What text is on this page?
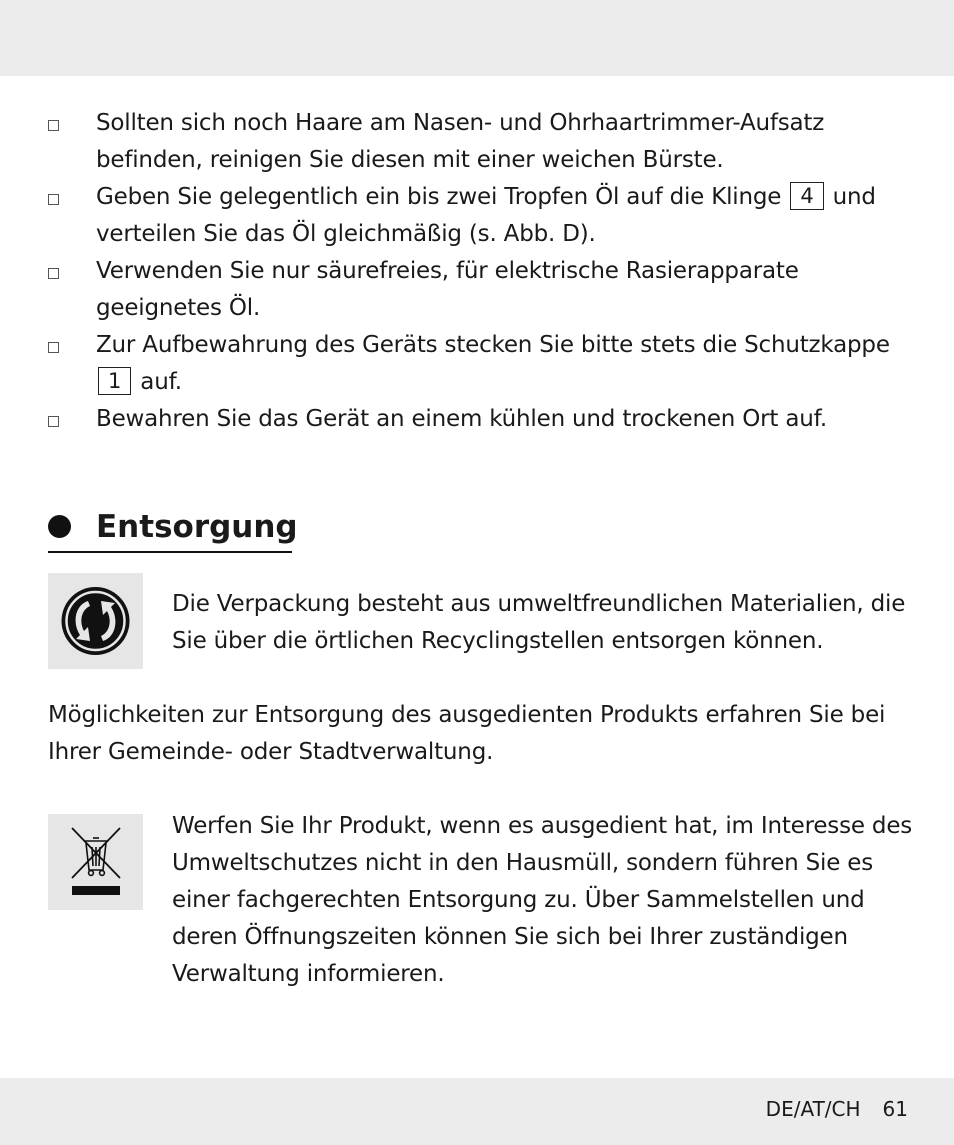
Sollten sich noch Haare am Nasen- und Ohrhaartrimmer-Aufsatz befinden, reinigen Sie diesen mit einer weichen Bürste.
Geben Sie gelegentlich ein bis zwei Tropfen Öl auf die Klinge 4 und verteilen Sie das Öl gleichmäßig (s. Abb. D).
Verwenden Sie nur säurefreies, für elektrische Rasierapparate geeignetes Öl.
Zur Aufbewahrung des Geräts stecken Sie bitte stets die Schutzkappe 1 auf.
Bewahren Sie das Gerät an einem kühlen und trockenen Ort auf.
Entsorgung
Die Verpackung besteht aus umweltfreundlichen Materialien, die Sie über die örtlichen Recyclingstellen entsorgen können.
Möglichkeiten zur Entsorgung des ausgedienten Produkts erfahren Sie bei Ihrer Gemeinde- oder Stadtverwaltung.
Werfen Sie Ihr Produkt, wenn es ausgedient hat, im Interesse des Umweltschutzes nicht in den Hausmüll, sondern führen Sie es einer fachgerechten Entsorgung zu. Über Sammelstellen und deren Öffnungszeiten können Sie sich bei Ihrer zuständigen Verwaltung informieren.
DE/AT/CH 61
